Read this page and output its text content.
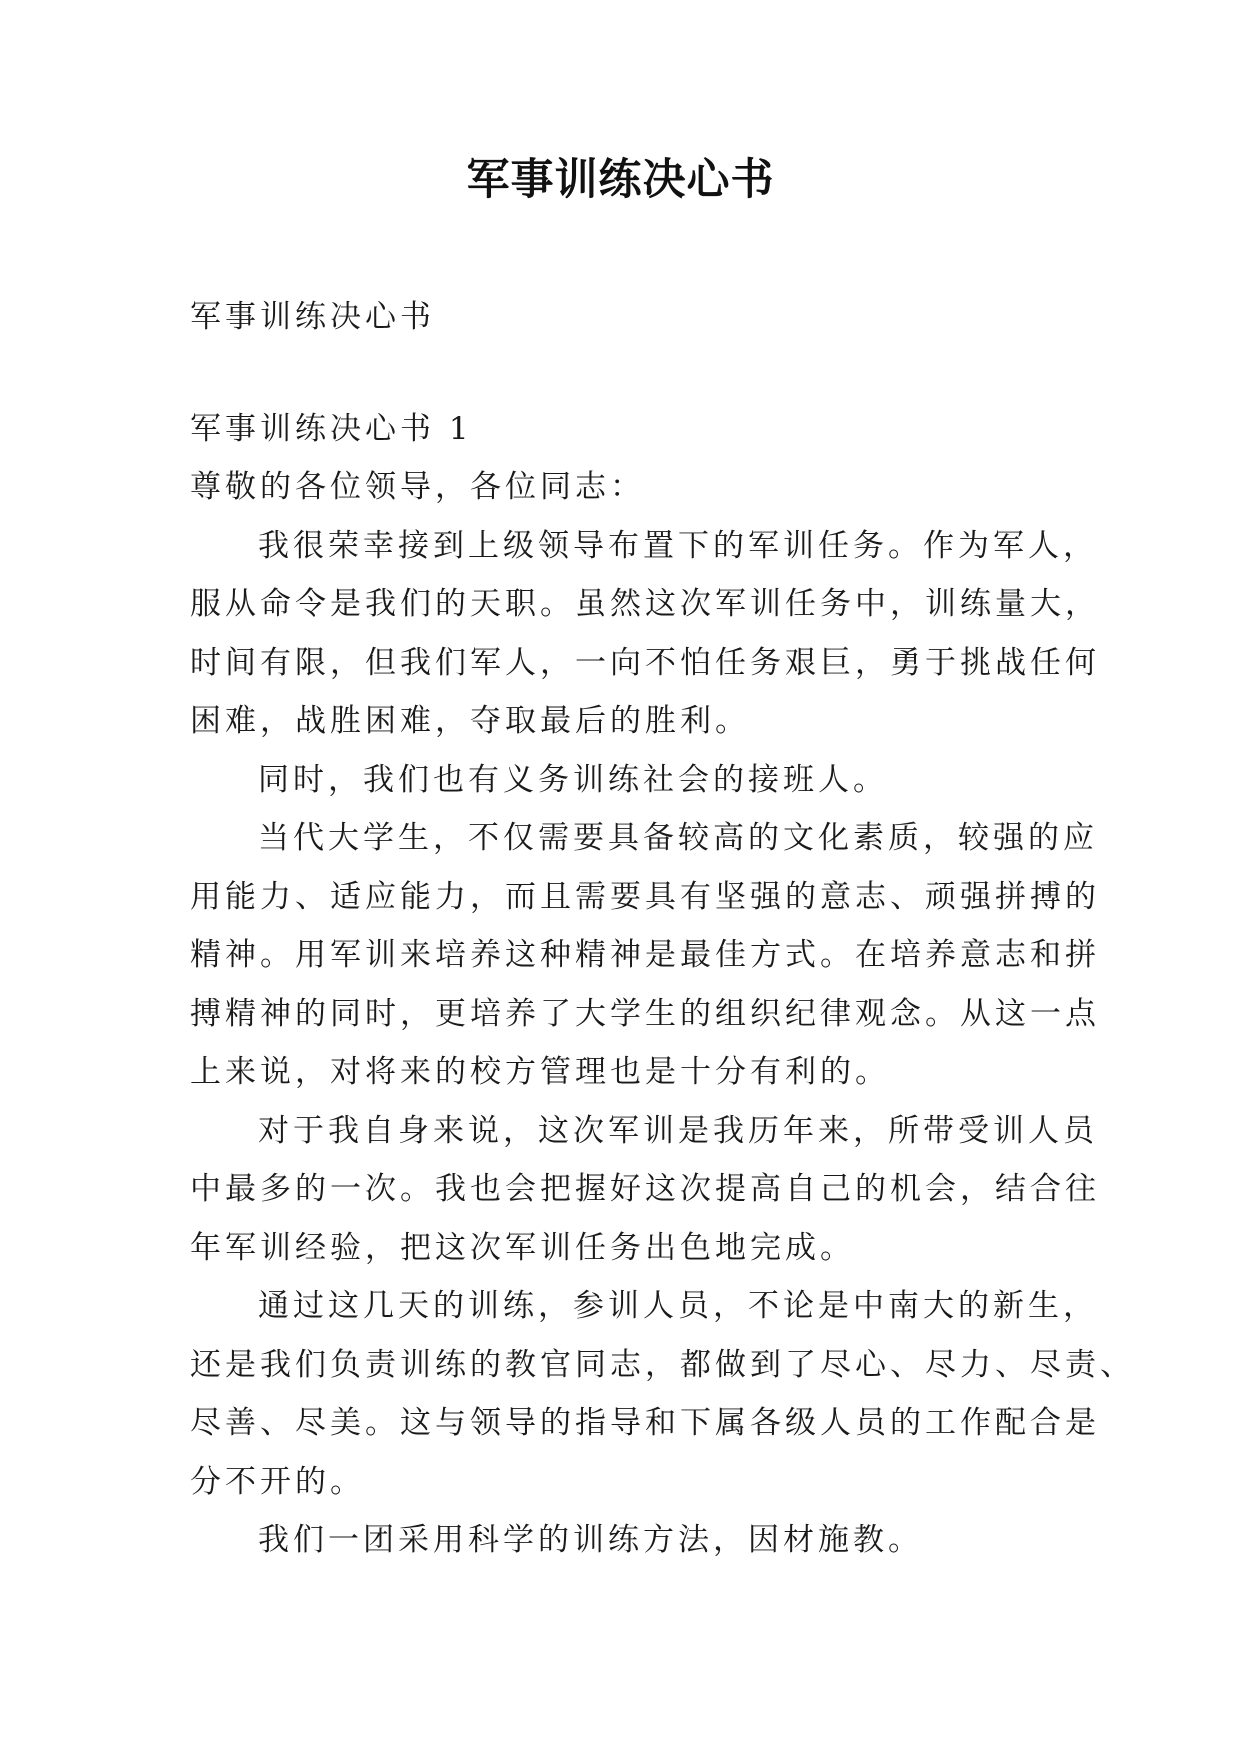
军事训练决心书
军事训练决心书
军事训练决心书 1
尊敬的各位领导，各位同志：
我很荣幸接到上级领导布置下的军训任务。作为军人，
服从命令是我们的天职。虽然这次军训任务中，训练量大，
时间有限，但我们军人，一向不怕任务艰巨，勇于挑战任何
困难，战胜困难，夺取最后的胜利。
同时，我们也有义务训练社会的接班人。
当代大学生，不仅需要具备较高的文化素质，较强的应
用能力、适应能力，而且需要具有坚强的意志、顽强拼搏的
精神。用军训来培养这种精神是最佳方式。在培养意志和拼
搏精神的同时，更培养了大学生的组织纪律观念。从这一点
上来说，对将来的校方管理也是十分有利的。
对于我自身来说，这次军训是我历年来，所带受训人员
中最多的一次。我也会把握好这次提高自己的机会，结合往
年军训经验，把这次军训任务出色地完成。
通过这几天的训练，参训人员，不论是中南大的新生，
还是我们负责训练的教官同志，都做到了尽心、尽力、尽责、
尽善、尽美。这与领导的指导和下属各级人员的工作配合是
分不开的。
我们一团采用科学的训练方法，因材施教。
